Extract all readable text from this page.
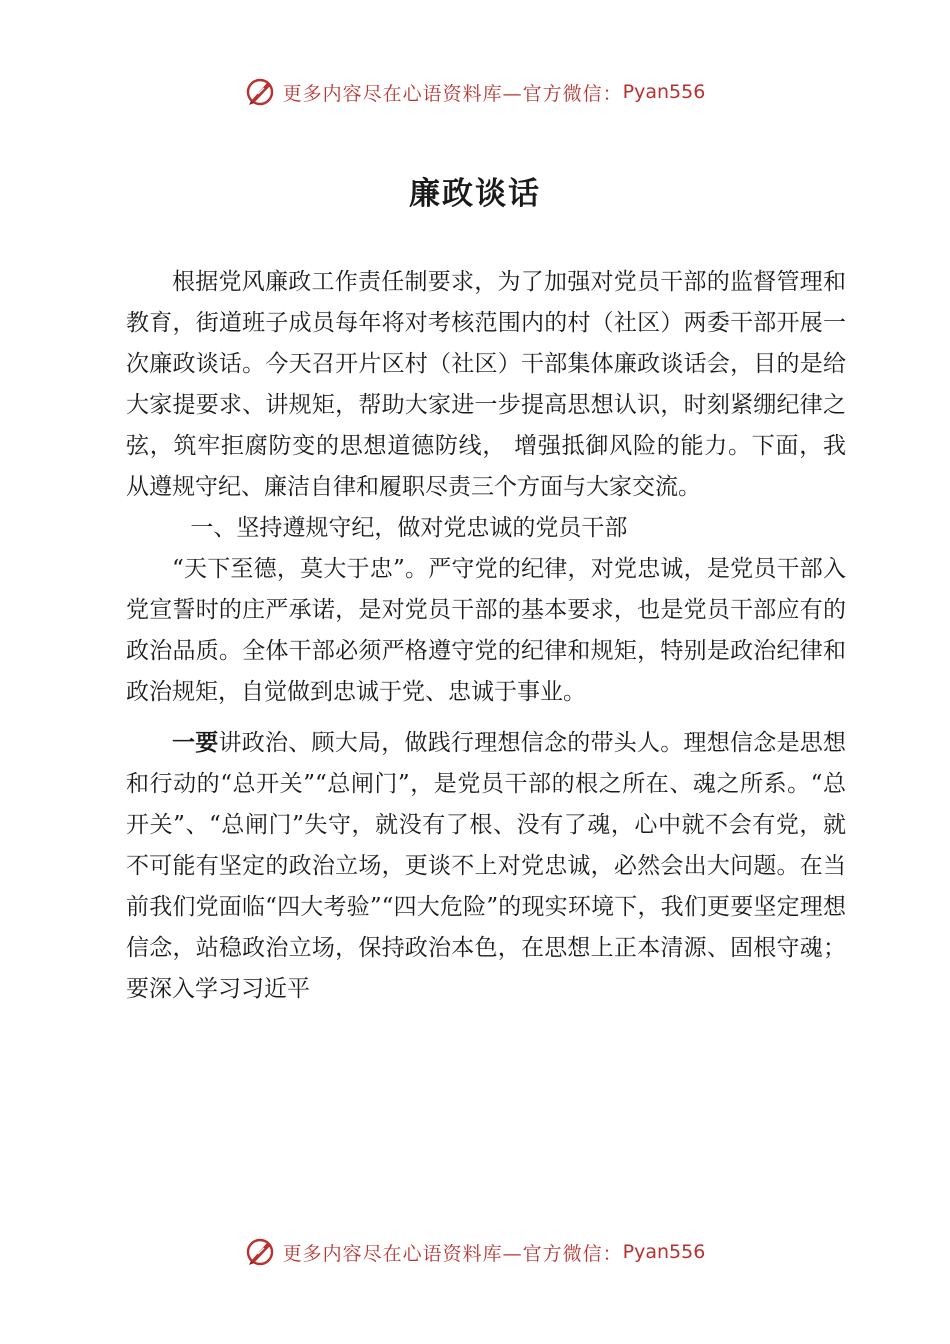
更多内容尽在心语资料库—官方微信： Pyan556
廉政谈话

根据党风廉政工作责任制要求，为了加强对党员干部的监督管理和教育，街道班子成员每年将对考核范围内的村（社区）两委干部开展一次廉政谈话。今天召开片区村（社区）干部集体廉政谈话会，目的是给大家提要求、讲规矩，帮助大家进一步提高思想认识，时刻紧绷纪律之弦，筑牢拒腐防变的思想道德防线， 增强抵御风险的能力。下面，我从遵规守纪、廉洁自律和履职尽责三个方面与大家交流。

一、坚持遵规守纪，做对党忠诚的党员干部

“天下至德，莫大于忠”。严守党的纪律，对党忠诚，是党员干部入党宣誓时的庄严承诺，是对党员干部的基本要求，也是党员干部应有的政治品质。全体干部必须严格遵守党的纪律和规矩，特别是政治纪律和政治规矩，自觉做到忠诚于党、忠诚于事业。

一要讲政治、顾大局，做践行理想信念的带头人。理想信念是思想和行动的“总开关”“总闸门”，是党员干部的根之所在、魂之所系。“总开关”、“总闸门”失守，就没有了根、没有了魂，心中就不会有党，就不可能有坚定的政治立场，更谈不上对党忠诚，必然会出大问题。在当前我们党面临“四大考验”“四大危险”的现实环境下，我们更要坚定理想信念，站稳政治立场，保持政治本色，在思想上正本清源、固根守魂；要深入学习习近平

更多内容尽在心语资料库—官方微信： Pyan556
